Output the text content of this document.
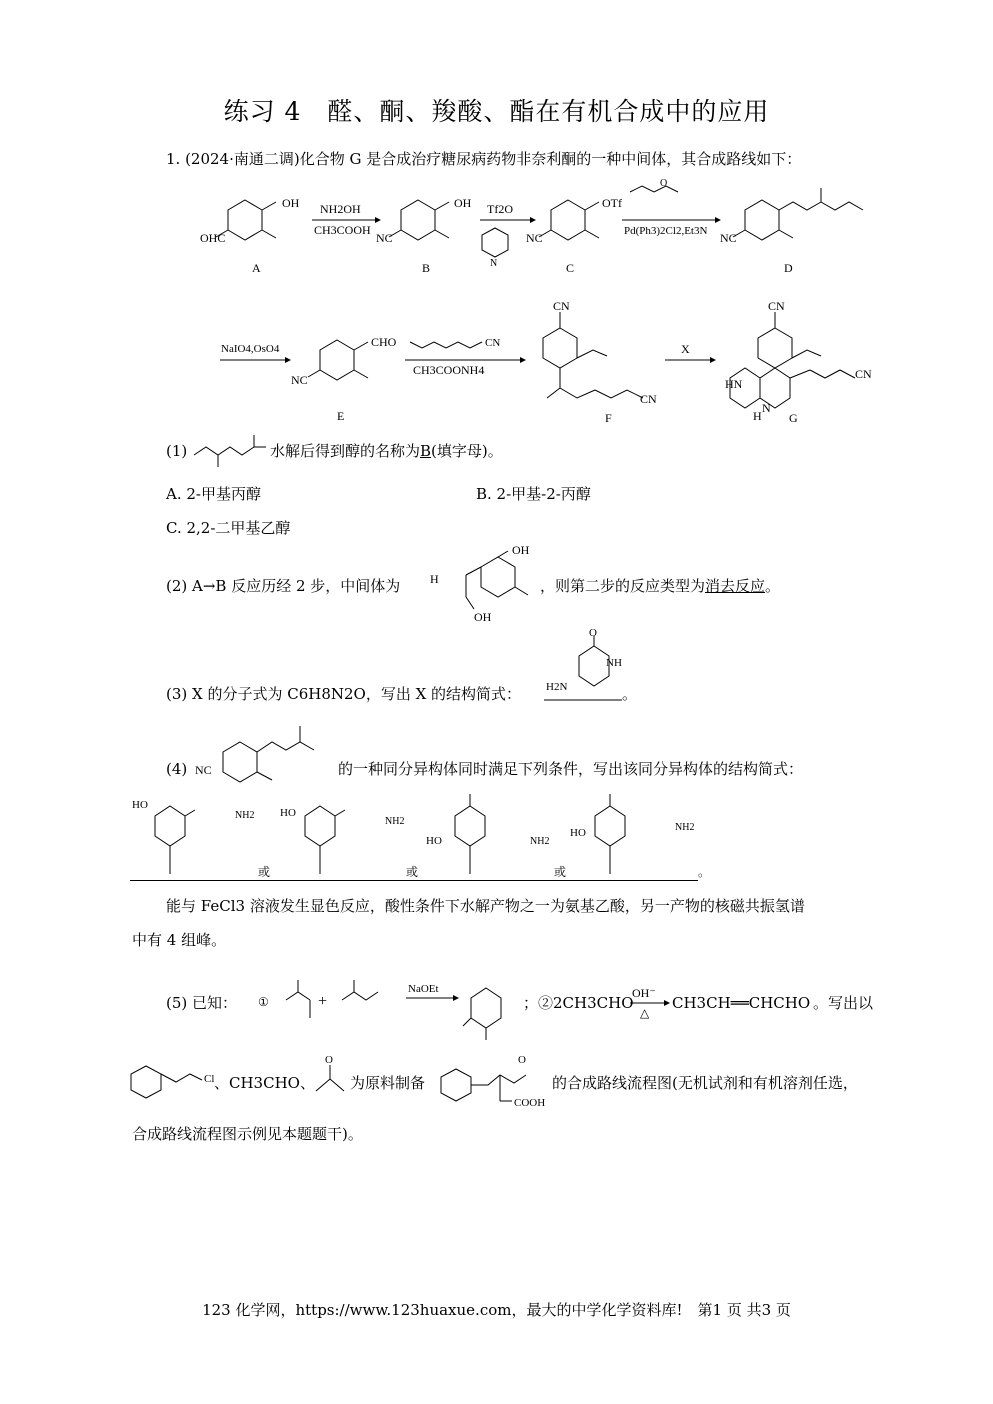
练习 4　醛、酮、羧酸、酯在有机合成中的应用
1. (2024·南通二调)化合物 G 是合成治疗糖尿病药物非奈利酮的一种中间体，其合成路线如下：
OH
OHC
A
NH2OH
CH3COOH
OH
NC
B
Tf2O
N
OTf
NC
C
O
Pd(Ph3)2Cl2,Et3N NC
D
NaIO4,OsO4	CHO
NC
E
CN
CH3COONH4
CN
CN
F
X
CN
HN
H
N
CN
G
(1)	水解后得到醇的名称为B(填字母)。
A. 2-甲基丙醇	B. 2-甲基-2-丙醇
C. 2,2-二甲基乙醇
(2) A→B 反应历经 2 步，中间体为
OH
H
OH
，则第二步的反应类型为消去反应。
(3) X 的分子式为 C6H8N2O，写出 X 的结构简式：
O
NH
H2N	。
(4) NC	的一种同分异构体同时满足下列条件，写出该同分异构体的结构简式：
HO
NH2
或
HO
NH2
或
HO	NH2
或
HO	NH2
。
能与 FeCl3 溶液发生显色反应，酸性条件下水解产物之一为氨基乙酸，另一产物的核磁共振氢谱
中有 4 组峰。
(5) 已知： ①	+
NaOEt
；②2CH3CHO
OH⁻
△
CH3CH══CHCHO 。写出以
Cl 、CH3CHO、
O
为原料制备
COOH
O
的合成路线流程图(无机试剂和有机溶剂任选，
合成路线流程图示例见本题题干)。
123 化学网，https://www.123huaxue.com，最大的中学化学资料库!　第1 页 共3 页
